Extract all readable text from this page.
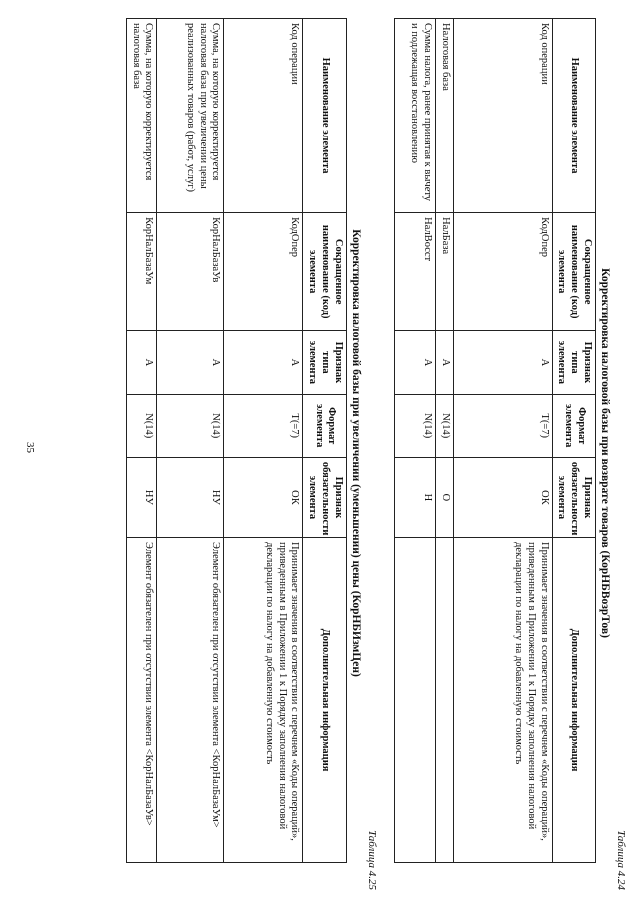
35
Таблица 4.24
Корректировка налоговой базы при возврате товаров (КорНБВозрТов)
Наименование элемента	Сокращенное наименование (код) элемента	Признак типа элемента	Формат элемента	Признак обязательности элемента	Дополнительная информация
Код операции	КодОпер	А	T(=7)	ОК	Принимает значения в соответствии с перечнем «Коды операций», приведенным в Приложении 1 к Порядку заполнения налоговой декларации по налогу на добавленную стоимость
Налоговая база	НалБаза	А	N(14)	О	
Сумма налога, ранее принятая к вычету и подлежащая восстановлению	НалВосст	А	N(14)	Н	
Таблица 4.25
Корректировка налоговой базы при увеличении (уменьшении) цены (КорНБИзмЦен)
Наименование элемента	Сокращенное наименование (код) элемента	Признак типа элемента	Формат элемента	Признак обязательности элемента	Дополнительная информация
Код операции	КодОпер	А	T(=7)	ОК	Принимает значения в соответствии с перечнем «Коды операций», приведенным в Приложении 1 к Порядку заполнения налоговой декларации по налогу на добавленную стоимость
Сумма, на которую корректируется налоговая база при увеличении цены реализованных товаров (работ, услуг)	КорНалБазаУв	А	N(14)	НУ	Элемент обязателен при отсутствии элемента <КорНалБазаУм>
Сумма, на которую корректируется налоговая база	КорНалБазаУм	А	N(14)	НУ	Элемент обязателен при отсутствии элемента <КорНалБазаУв>
